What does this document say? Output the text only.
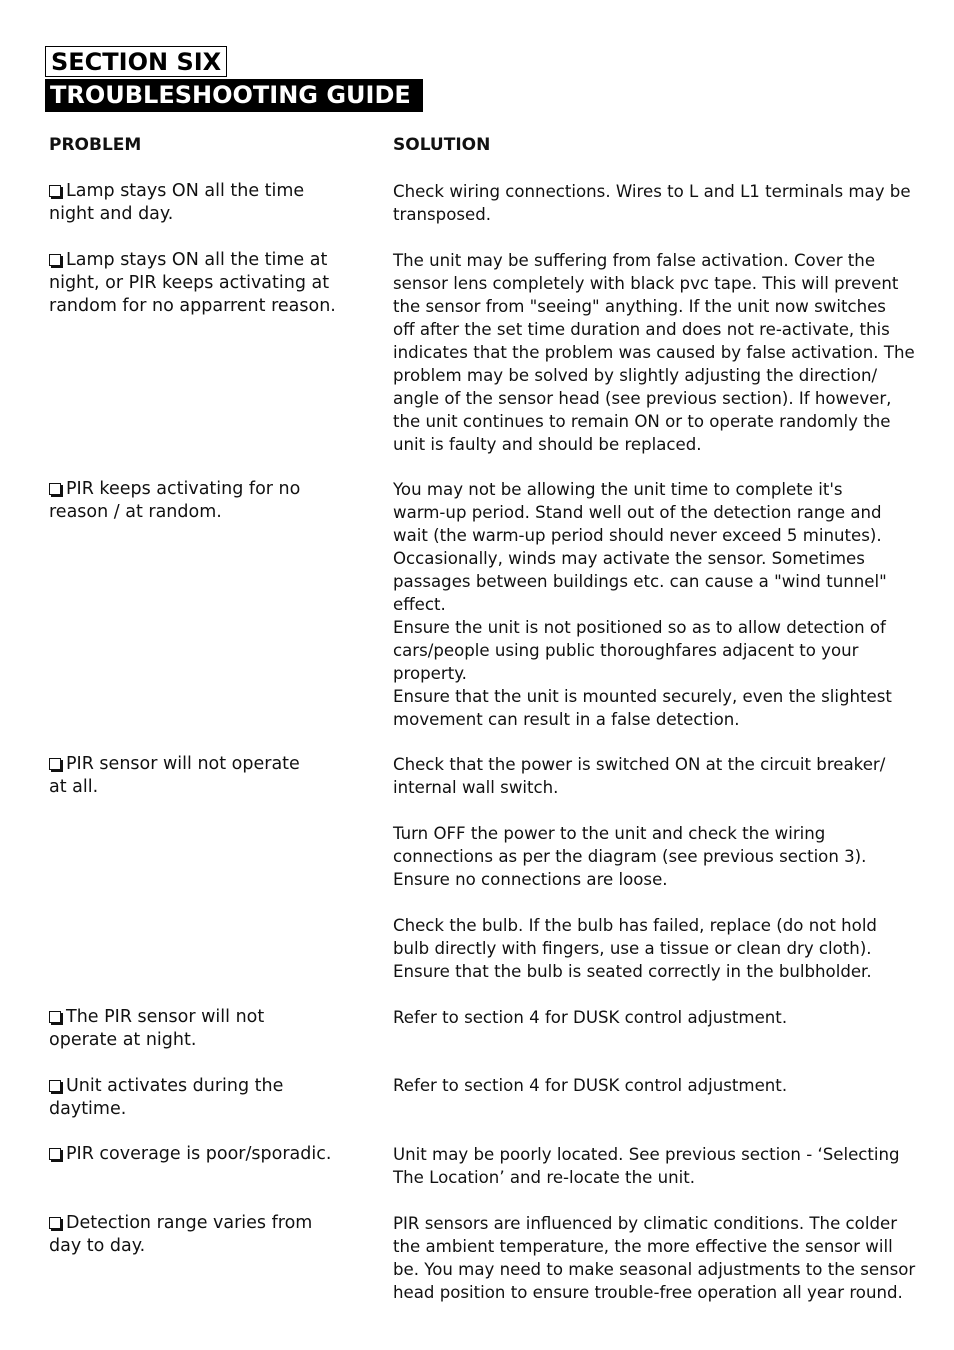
SECTION SIX
TROUBLESHOOTING GUIDE
PROBLEM	SOLUTION
Lamp stays ON all the time
night and day.
Check wiring connections. Wires to L and L1 terminals may be
transposed.
Lamp stays ON all the time at
night, or PIR keeps activating at
random for no apparrent reason.
The unit may be suffering from false activation. Cover the
sensor lens completely with black pvc tape. This will prevent
the sensor from "seeing" anything. If the unit now switches
off after the set time duration and does not re-activate, this
indicates that the problem was caused by false activation. The
problem may be solved by slightly adjusting the direction/
angle of the sensor head (see previous section). If however,
the unit continues to remain ON or to operate randomly the
unit is faulty and should be replaced.
PIR keeps activating for no
reason / at random.
You may not be allowing the unit time to complete it's
warm-up period. Stand well out of the detection range and
wait (the warm-up period should never exceed 5 minutes).
Occasionally, winds may activate the sensor. Sometimes
passages between buildings etc. can cause a "wind tunnel"
effect.
Ensure the unit is not positioned so as to allow detection of
cars/people using public thoroughfares adjacent to your
property.
Ensure that the unit is mounted securely, even the slightest
movement can result in a false detection.
PIR sensor will not operate
at all.
Check that the power is switched ON at the circuit breaker/
internal wall switch.

Turn OFF the power to the unit and check the wiring
connections as per the diagram (see previous section 3).
Ensure no connections are loose.

Check the bulb. If the bulb has failed, replace (do not hold
bulb directly with fingers, use a tissue or clean dry cloth).
Ensure that the bulb is seated correctly in the bulbholder.
The PIR sensor will not
operate at night.
Refer to section 4 for DUSK control adjustment.
Unit activates during the
daytime.
Refer to section 4 for DUSK control adjustment.
PIR coverage is poor/sporadic.	Unit may be poorly located. See previous section - ‘Selecting
The Location’ and re-locate the unit.
Detection range varies from
day to day.
PIR sensors are influenced by climatic conditions. The colder
the ambient temperature, the more effective the sensor will
be. You may need to make seasonal adjustments to the sensor
head position to ensure trouble-free operation all year round.
